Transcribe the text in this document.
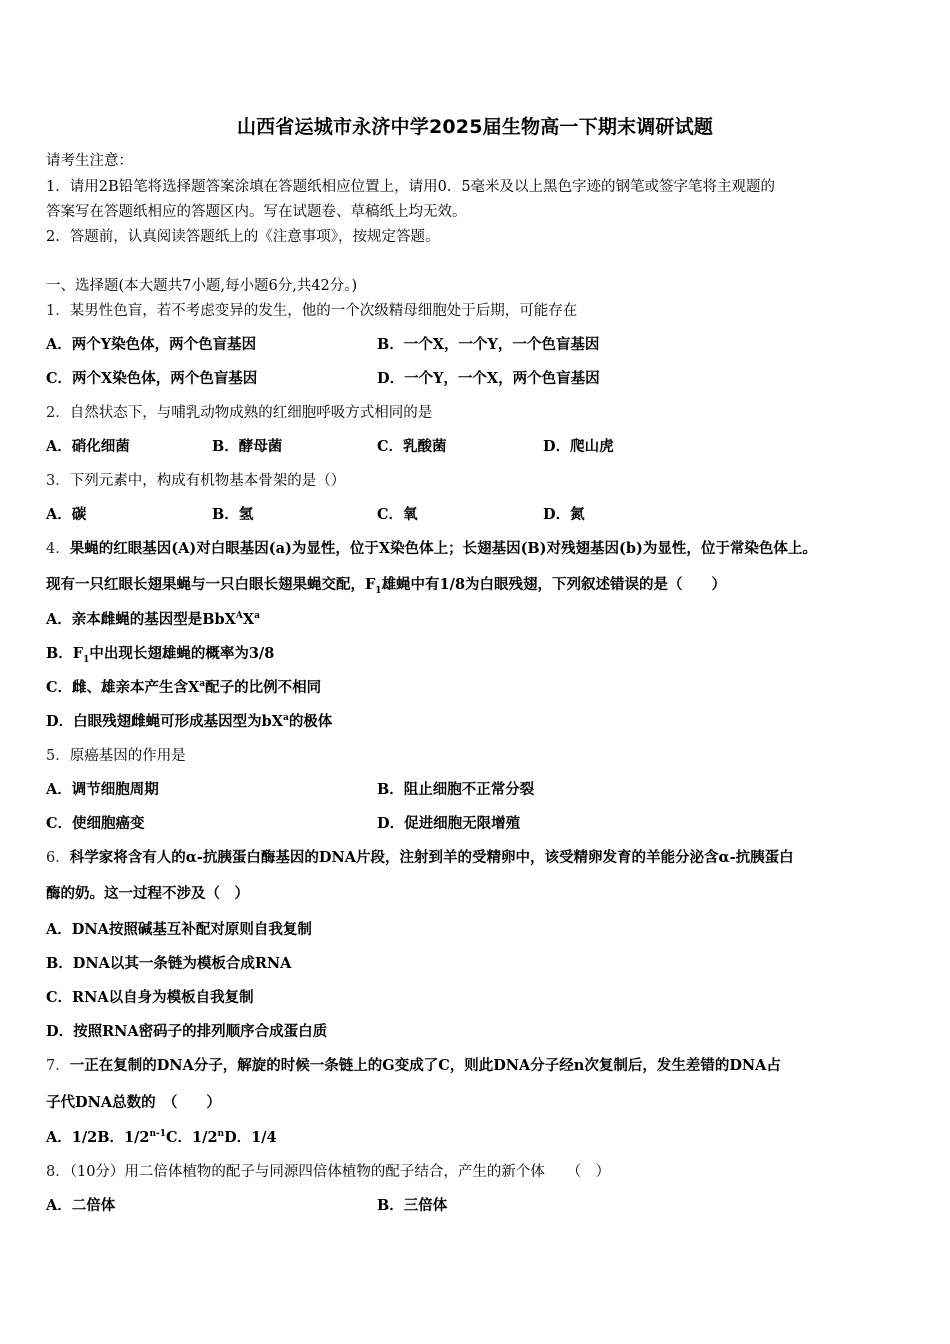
山西省运城市永济中学2025届生物高一下期末调研试题
请考生注意：
1．请用2B铅笔将选择题答案涂填在答题纸相应位置上，请用0．5毫米及以上黑色字迹的钢笔或签字笔将主观题的
答案写在答题纸相应的答题区内。写在试题卷、草稿纸上均无效。
2．答题前，认真阅读答题纸上的《注意事项》，按规定答题。
一、选择题(本大题共7小题,每小题6分,共42分。)
1．某男性色盲，若不考虑变异的发生，他的一个次级精母细胞处于后期，可能存在
A．两个Y染色体，两个色盲基因	B．一个X，一个Y，一个色盲基因
C．两个X染色体，两个色盲基因	D．一个Y，一个X，两个色盲基因
2．自然状态下，与哺乳动物成熟的红细胞呼吸方式相同的是
A．硝化细菌	B．酵母菌	C．乳酸菌	D．爬山虎
3．下列元素中，构成有机物基本骨架的是（）
A．碳	B．氢	C．氧	D．氮
4．果蝇的红眼基因(A)对白眼基因(a)为显性，位于X染色体上；长翅基因(B)对残翅基因(b)为显性，位于常染色体上。
现有一只红眼长翅果蝇与一只白眼长翅果蝇交配，$F_1$雄蝇中有1/8为白眼残翅，下列叙述错误的是（　　）
A．亲本雌蝇的基因型是$BbX^AX^a$
B．$F_1$中出现长翅雄蝇的概率为3/8
C．雌、雄亲本产生含$X^a$配子的比例不相同
D．白眼残翅雌蝇可形成基因型为$bX^a$的极体
5．原癌基因的作用是
A．调节细胞周期	B．阻止细胞不正常分裂
C．使细胞癌变	D．促进细胞无限增殖
6．科学家将含有人的α-抗胰蛋白酶基因的DNA片段，注射到羊的受精卵中，该受精卵发育的羊能分泌含α-抗胰蛋白
酶的奶。这一过程不涉及（　）
A．DNA按照碱基互补配对原则自我复制
B．DNA以其一条链为模板合成RNA
C．RNA以自身为模板自我复制
D．按照RNA密码子的排列顺序合成蛋白质
7．一正在复制的DNA分子，解旋的时候一条链上的G变成了C，则此DNA分子经n次复制后，发生差错的DNA占
子代DNA总数的　（　　）
A．1/2B．1/2$^{n-1}$C．1/2$^n$D．1/4
8．（10分）用二倍体植物的配子与同源四倍体植物的配子结合，产生的新个体　　（　）
A．二倍体	B．三倍体
